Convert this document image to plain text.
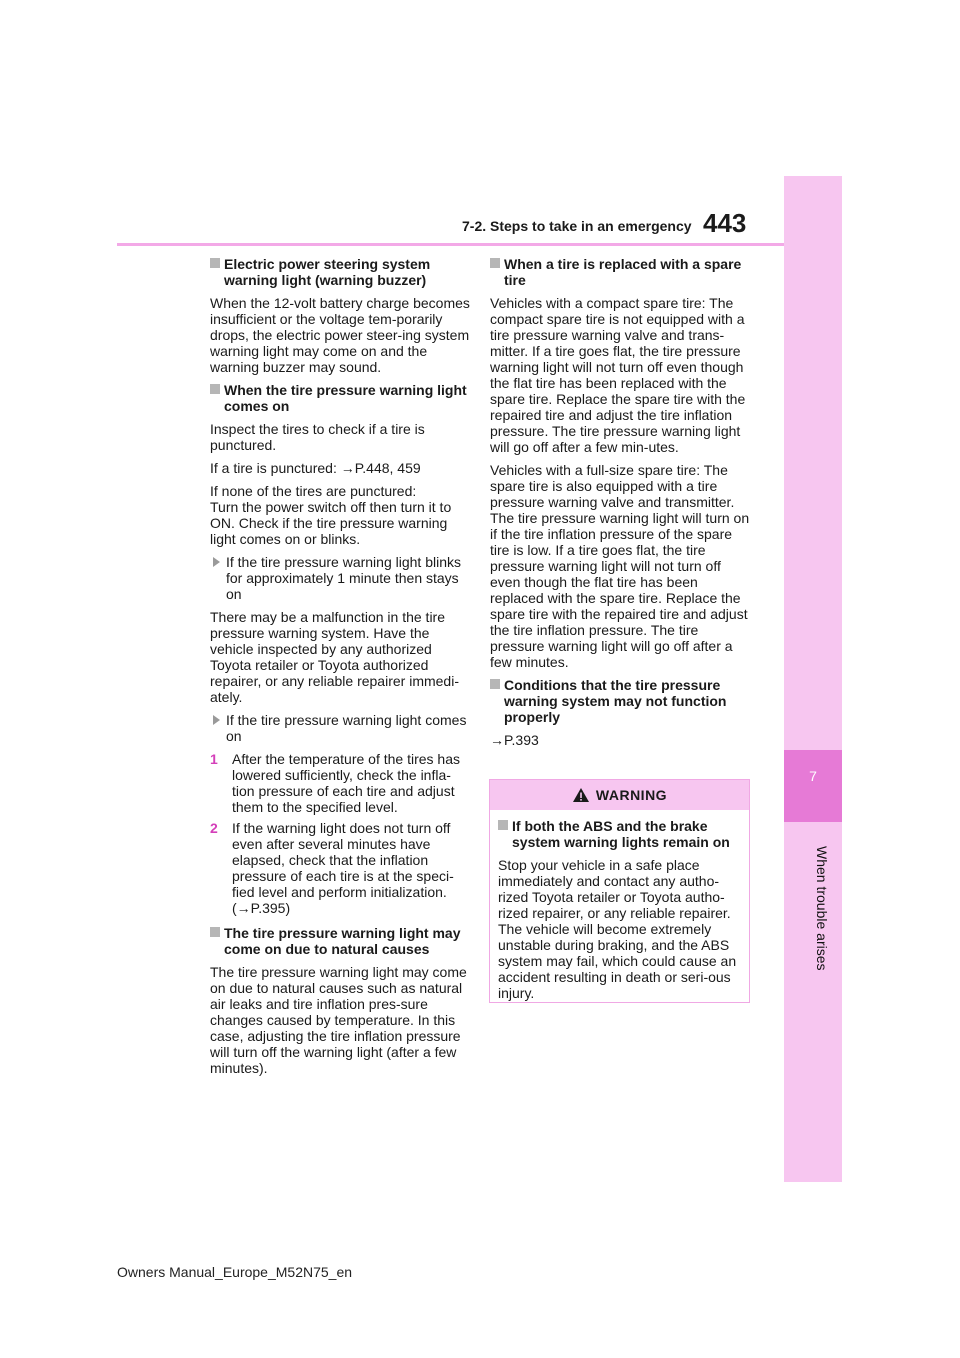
7
When trouble arises
7-2. Steps to take in an emergency 443
Electric power steering system warning light (warning buzzer)

When the 12-volt battery charge becomes insufficient or the voltage tem-porarily drops, the electric power steer-ing system warning light may come on and the warning buzzer may sound.

When the tire pressure warning light comes on

Inspect the tires to check if a tire is punctured.

If a tire is punctured: →P.448, 459

If none of the tires are punctured:

Turn the power switch off then turn it to ON. Check if the tire pressure warning light comes on or blinks.

If the tire pressure warning light blinks for approximately 1 minute then stays on

There may be a malfunction in the tire pressure warning system. Have the vehicle inspected by any authorized Toyota retailer or Toyota authorized repairer, or any reliable repairer immedi-ately.

If the tire pressure warning light comes on
1 After the temperature of the tires has lowered sufficiently, check the infla-tion pressure of each tire and adjust them to the specified level.
2 If the warning light does not turn off even after several minutes have elapsed, check that the inflation pressure of each tire is at the speci-fied level and perform initialization. (→P.395)
The tire pressure warning light may come on due to natural causes

The tire pressure warning light may come on due to natural causes such as natural air leaks and tire inflation pres-sure changes caused by temperature. In this case, adjusting the tire inflation pressure will turn off the warning light (after a few minutes).

When a tire is replaced with a spare tire

Vehicles with a compact spare tire: The compact spare tire is not equipped with a tire pressure warning valve and trans-mitter. If a tire goes flat, the tire pressure warning light will not turn off even though the flat tire has been replaced with the spare tire. Replace the spare tire with the repaired tire and adjust the tire inflation pressure. The tire pressure warning light will go off after a few min-utes.

Vehicles with a full-size spare tire: The spare tire is also equipped with a tire pressure warning valve and transmitter. The tire pressure warning light will turn on if the tire inflation pressure of the spare tire is low. If a tire goes flat, the tire pressure warning light will not turn off even though the flat tire has been replaced with the spare tire. Replace the spare tire with the repaired tire and adjust the tire inflation pressure. The tire pressure warning light will go off after a few minutes.

Conditions that the tire pressure warning system may not function properly

→P.393

WARNING
If both the ABS and the brake system warning lights remain on

Stop your vehicle in a safe place immediately and contact any autho-rized Toyota retailer or Toyota autho-rized repairer, or any reliable repairer. The vehicle will become extremely unstable during braking, and the ABS system may fail, which could cause an accident resulting in death or seri-ous injury.

Owners Manual_Europe_M52N75_en
